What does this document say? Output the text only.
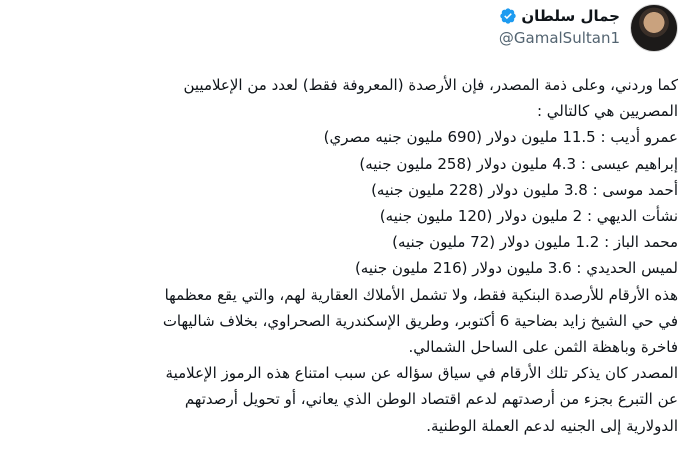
جمال سلطان
@GamalSultan1

كما وردني، وعلى ذمة المصدر، فإن الأرصدة (المعروفة فقط) لعدد من الإعلاميين

المصريين هي كالتالي :

عمرو أديب : 11.5 مليون دولار (690 مليون جنيه مصري)

إبراهيم عيسى : 4.3 مليون دولار (258 مليون جنيه)

أحمد موسى : 3.8 مليون دولار (228 مليون جنيه)

نشأت الديهي : 2 مليون دولار (120 مليون جنيه)

محمد الباز : 1.2 مليون دولار (72 مليون جنيه)

لميس الحديدي : 3.6 مليون دولار (216 مليون جنيه)

هذه الأرقام للأرصدة البنكية فقط، ولا تشمل الأملاك العقارية لهم، والتي يقع معظمها

في حي الشيخ زايد بضاحية 6 أكتوبر، وطريق الإسكندرية الصحراوي، بخلاف شاليهات

فاخرة وباهظة الثمن على الساحل الشمالي.

المصدر كان يذكر تلك الأرقام في سياق سؤاله عن سبب امتناع هذه الرموز الإعلامية

عن التبرع بجزء من أرصدتهم لدعم اقتصاد الوطن الذي يعاني، أو تحويل أرصدتهم

الدولارية إلى الجنيه لدعم العملة الوطنية.
